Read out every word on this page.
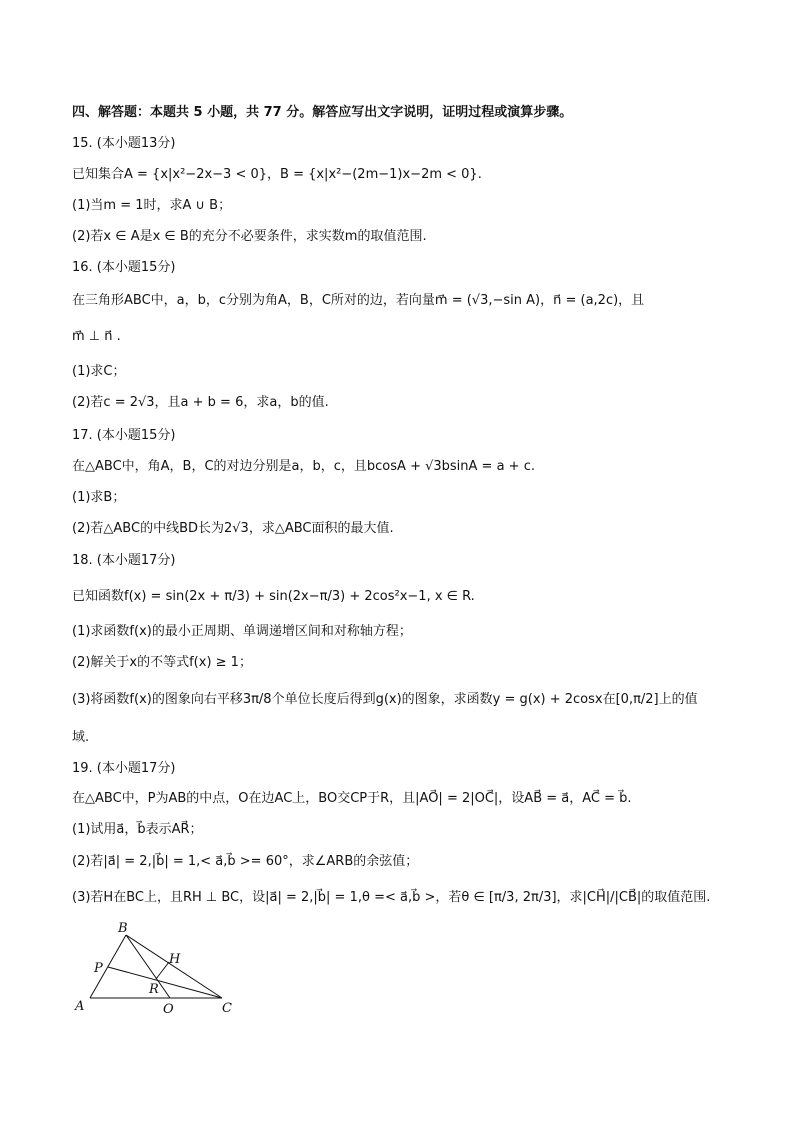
四、解答题：本题共 5 小题，共 77 分。解答应写出文字说明，证明过程或演算步骤。
15. (本小题13分)
已知集合A = {x|x²−2x−3 < 0}，B = {x|x²−(2m−1)x−2m < 0}.
(1)当m = 1时，求A ∪ B；
(2)若x ∈ A是x ∈ B的充分不必要条件，求实数m的取值范围.
16. (本小题15分)
在三角形ABC中，a，b，c分别为角A，B，C所对的边，若向量m⃗ = (√3,−sin A)，n⃗ = (a,2c)，且
m⃗ ⊥ n⃗ .
(1)求C；
(2)若c = 2√3，且a + b = 6，求a，b的值.
17. (本小题15分)
在△ABC中，角A，B，C的对边分别是a，b，c，且bcosA + √3bsinA = a + c.
(1)求B；
(2)若△ABC的中线BD长为2√3，求△ABC面积的最大值.
18. (本小题17分)
已知函数f(x) = sin(2x + π/3) + sin(2x−π/3) + 2cos²x−1, x ∈ R.
(1)求函数f(x)的最小正周期、单调递增区间和对称轴方程；
(2)解关于x的不等式f(x) ≥ 1；
(3)将函数f(x)的图象向右平移3π/8个单位长度后得到g(x)的图象，求函数y = g(x) + 2cosx在[0,π/2]上的值
域.
19. (本小题17分)
在△ABC中，P为AB的中点，O在边AC上，BO交CP于R，且|AO⃗| = 2|OC⃗|，设AB⃗ = a⃗，AC⃗ = b⃗.
(1)试用a⃗，b⃗表示AR⃗；
(2)若|a⃗| = 2,|b⃗| = 1,< a⃗,b⃗ >= 60°，求∠ARB的余弦值；
(3)若H在BC上，且RH ⊥ BC，设|a⃗| = 2,|b⃗| = 1,θ =< a⃗,b⃗ >，若θ ∈ [π/3, 2π/3]，求|CH⃗|/|CB⃗|的取值范围.
B
P
H
R
A	O	C
